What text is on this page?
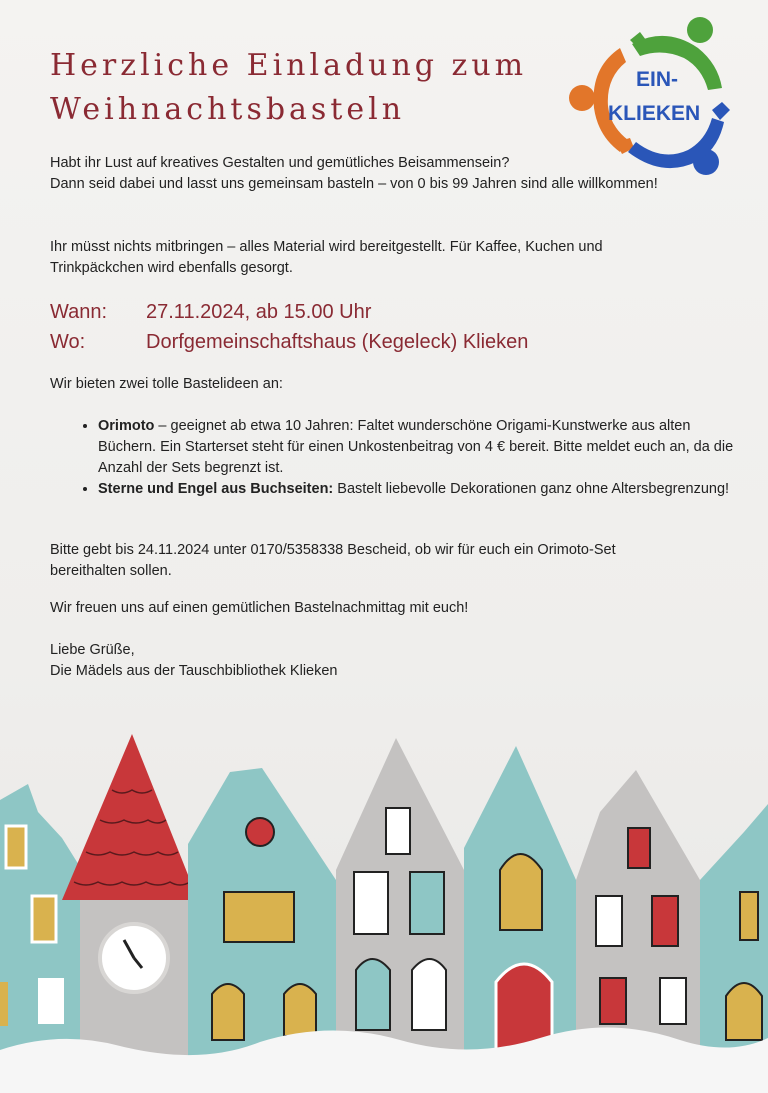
Herzliche Einladung zum
Weihnachtsbasteln
EIN-
KLIEKEN

Habt ihr Lust auf kreatives Gestalten und gemütliches Beisammensein?
Dann seid dabei und lasst uns gemeinsam basteln – von 0 bis 99 Jahren sind alle willkommen!

Ihr müsst nichts mitbringen – alles Material wird bereitgestellt. Für Kaffee, Kuchen und Trinkpäckchen wird ebenfalls gesorgt.

Wann: 27.11.2024, ab 15.00 Uhr
Wo:	Dorfgemeinschaftshaus (Kegeleck) Klieken

Wir bieten zwei tolle Bastelideen an:

• Orimoto – geeignet ab etwa 10 Jahren: Faltet wunderschöne Origami-Kunstwerke aus alten Büchern. Ein Starterset steht für einen Unkostenbeitrag von 4 € bereit. Bitte meldet euch an, da die Anzahl der Sets begrenzt ist.
• Sterne und Engel aus Buchseiten: Bastelt liebevolle Dekorationen ganz ohne Altersbegrenzung!

Bitte gebt bis 24.11.2024 unter 0170/5358338 Bescheid, ob wir für euch ein Orimoto-Set bereithalten sollen.

Wir freuen uns auf einen gemütlichen Bastelnachmittag mit euch!

Liebe Grüße,
Die Mädels aus der Tauschbibliothek Klieken
